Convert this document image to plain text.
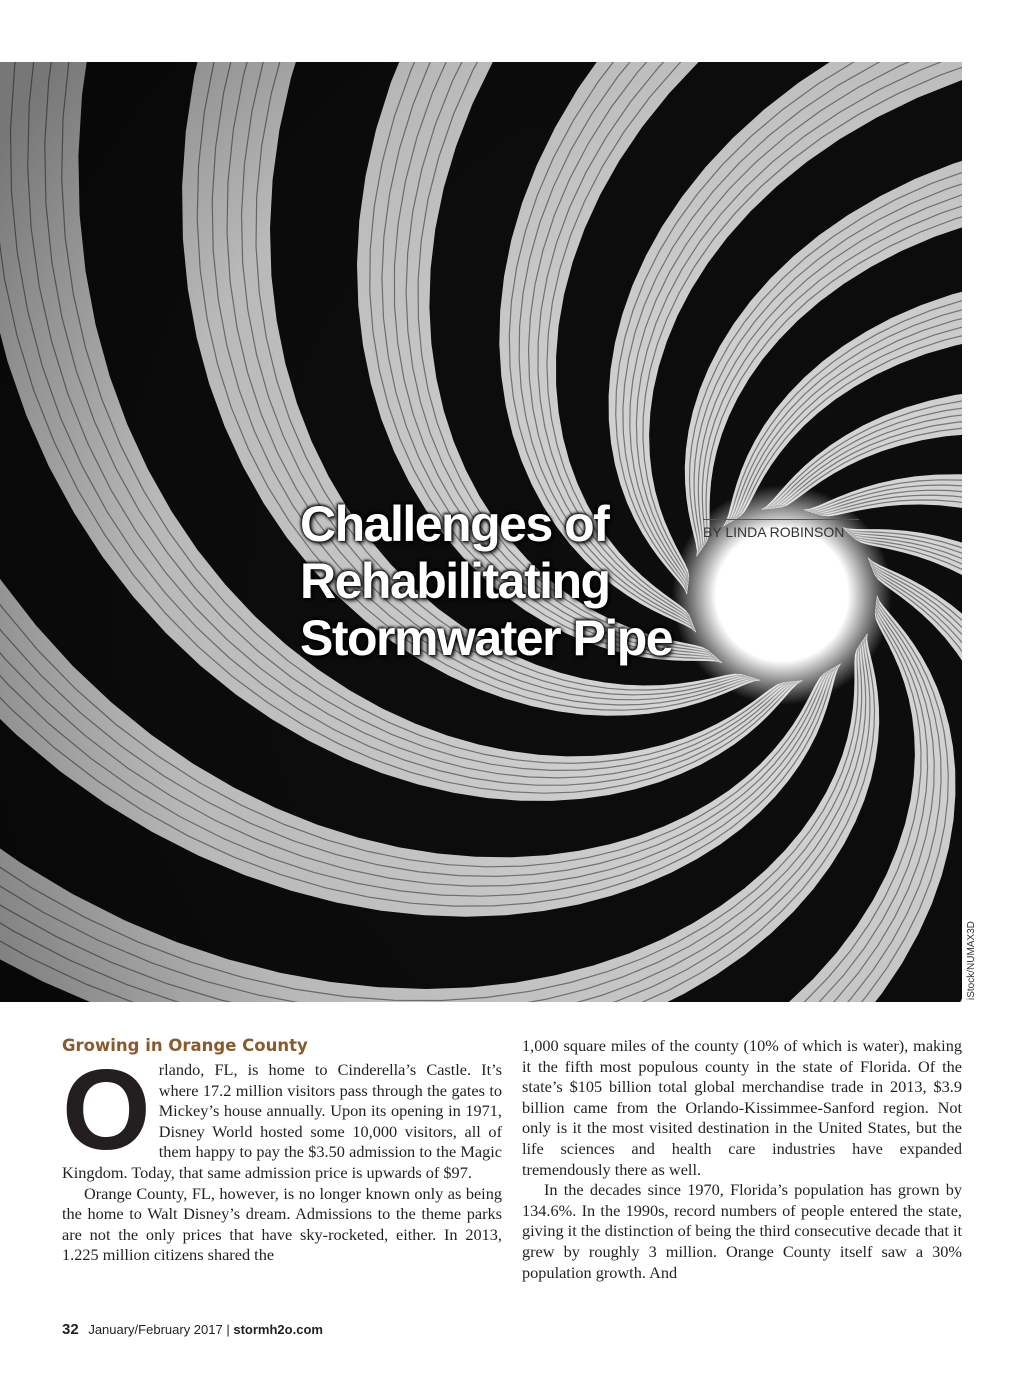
iStock/NUMAX3D
Challenges of
Rehabilitating
Stormwater Pipe
BY LINDA ROBINSON
Growing in Orange County

Orlando, FL, is home to Cinderella’s Castle. It’s where 17.2 million visitors pass through the gates to Mickey’s house annually. Upon its opening in 1971, Disney World hosted some 10,000 visitors, all of them happy to pay the $3.50 admission to the Magic Kingdom. Today, that same admission price is upwards of $97.

Orange County, FL, however, is no longer known only as being the home to Walt Disney’s dream. Admissions to the theme parks are not the only prices that have sky-rocketed, either. In 2013, 1.225 million citizens shared the

1,000 square miles of the county (10% of which is water), making it the fifth most populous county in the state of Florida. Of the state’s $105 billion total global merchandise trade in 2013, $3.9 billion came from the Orlando-Kissimmee-Sanford region. Not only is it the most visited destination in the United States, but the life sciences and health care industries have expanded tremendously there as well.

In the decades since 1970, Florida’s population has grown by 134.6%. In the 1990s, record numbers of people entered the state, giving it the distinction of being the third consecutive decade that it grew by roughly 3 million. Orange County itself saw a 30% population growth. And

32 January/February 2017 | stormh2o.com
